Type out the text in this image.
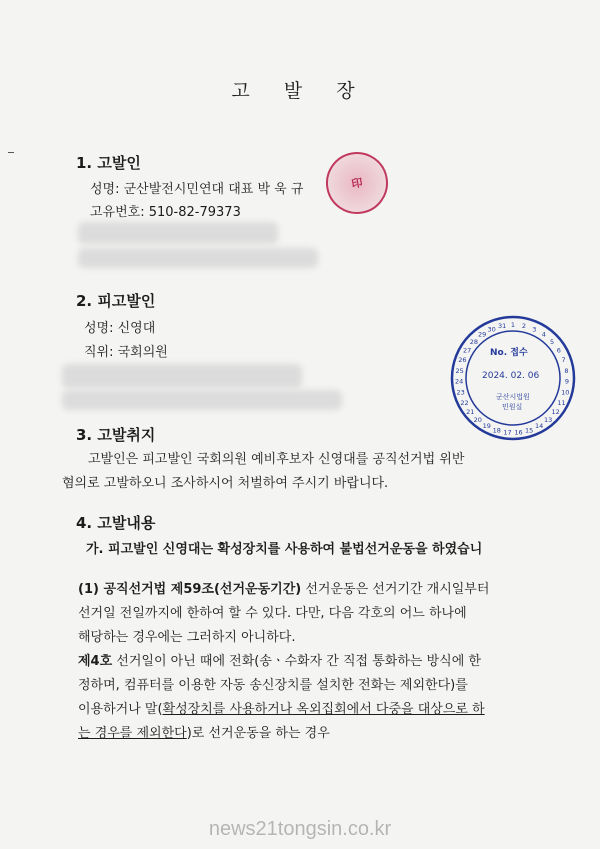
고 발 장
1. 고발인
성명: 군산발전시민연대 대표 박 욱 규
고유번호: 510-82-79373
印
2. 피고발인
성명: 신영대
직위: 국회의원
1 2 3
4
5
6
7
8
9
10
11
12
13
14
15
16
17
18
19
20
21
22
23
24
25
26
27
28
29
30 31
No. 접수
2024. 02. 06
군산시법원
민원실
3. 고발취지
고발인은 피고발인 국회의원 예비후보자 신영대를 공직선거법 위반
혐의로 고발하오니 조사하시어 처벌하여 주시기 바랍니다.
4. 고발내용
가. 피고발인 신영대는 확성장치를 사용하여 불법선거운동을 하였습니
(1) 공직선거법 제59조(선거운동기간) 선거운동은 선거기간 개시일부터
선거일 전일까지에 한하여 할 수 있다. 다만, 다음 각호의 어느 하나에
해당하는 경우에는 그러하지 아니하다.
제4호 선거일이 아닌 때에 전화(송ㆍ수화자 간 직접 통화하는 방식에 한
정하며, 컴퓨터를 이용한 자동 송신장치를 설치한 전화는 제외한다)를
이용하거나 말(확성장치를 사용하거나 옥외집회에서 다중을 대상으로 하
는 경우를 제외한다)로 선거운동을 하는 경우
news21tongsin.co.kr
